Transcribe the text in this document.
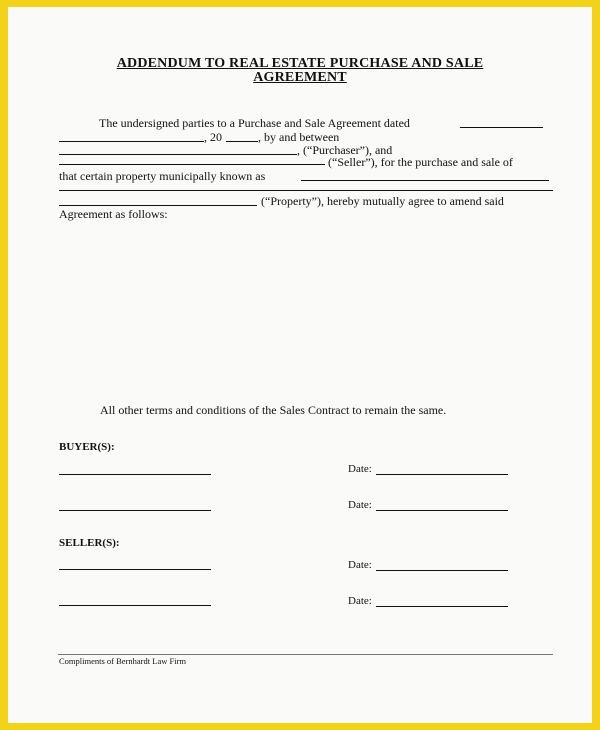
ADDENDUM TO REAL ESTATE PURCHASE AND SALE
AGREEMENT
The undersigned parties to a Purchase and Sale Agreement dated
, 20	, by and between
, (“Purchaser”), and
(“Seller”), for the purchase and sale of
that certain property municipally known as
(“Property”), hereby mutually agree to amend said
Agreement as follows:
All other terms and conditions of the Sales Contract to remain the same.
BUYER(S):
Date:
Date:
SELLER(S):
Date:
Date:
Compliments of Bernhardt Law Firm
